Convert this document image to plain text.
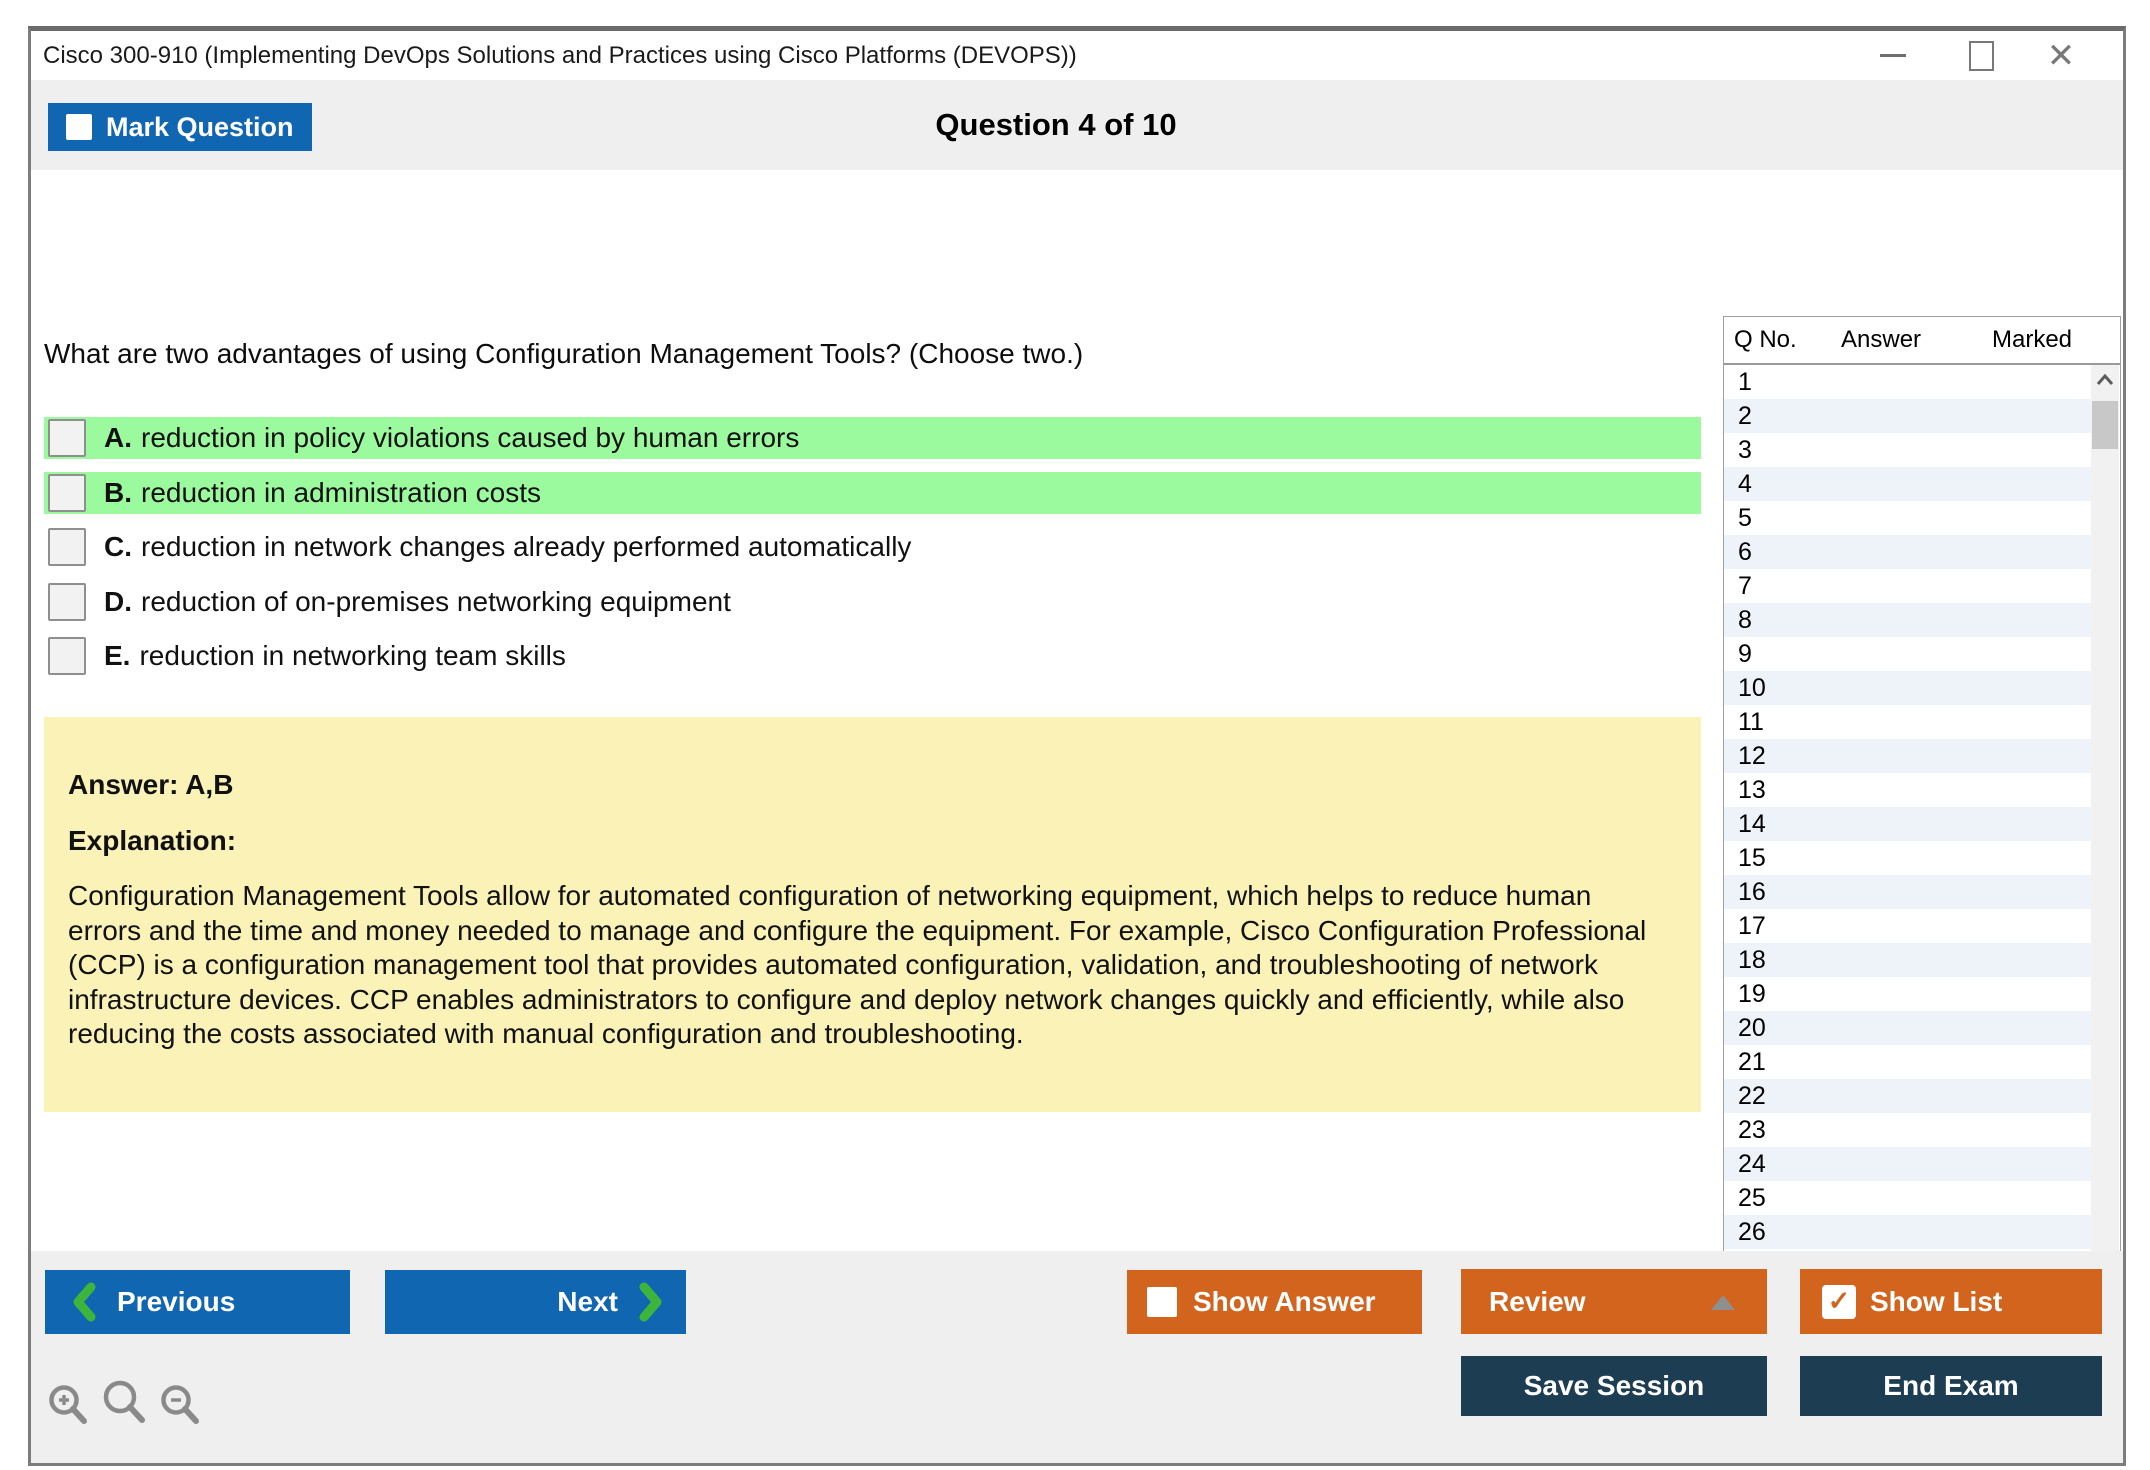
Cisco 300-910 (Implementing DevOps Solutions and Practices using Cisco Platforms (DEVOPS))	✕
Question 4 of 10
Mark Question
What are two advantages of using Configuration Management Tools? (Choose two.)
A. reduction in policy violations caused by human errors
B. reduction in administration costs
C. reduction in network changes already performed automatically
D. reduction of on-premises networking equipment
E. reduction in networking team skills
Answer: A,B
Explanation:
Configuration Management Tools allow for automated configuration of networking equipment, which helps to reduce human errors and the time and money needed to manage and configure the equipment. For example, Cisco Configuration Professional (CCP) is a configuration management tool that provides automated configuration, validation, and troubleshooting of network infrastructure devices. CCP enables administrators to configure and deploy network changes quickly and efficiently, while also reducing the costs associated with manual configuration and troubleshooting.
Q No. Answer	Marked
1
2
3
4
5
6
7
8
9
10
11
12
13
14
15
16
17
18
19
20
21
22
23
24
25
26
Previous	Next	Show Answer	Review	✓ Show List
Save Session	End Exam
